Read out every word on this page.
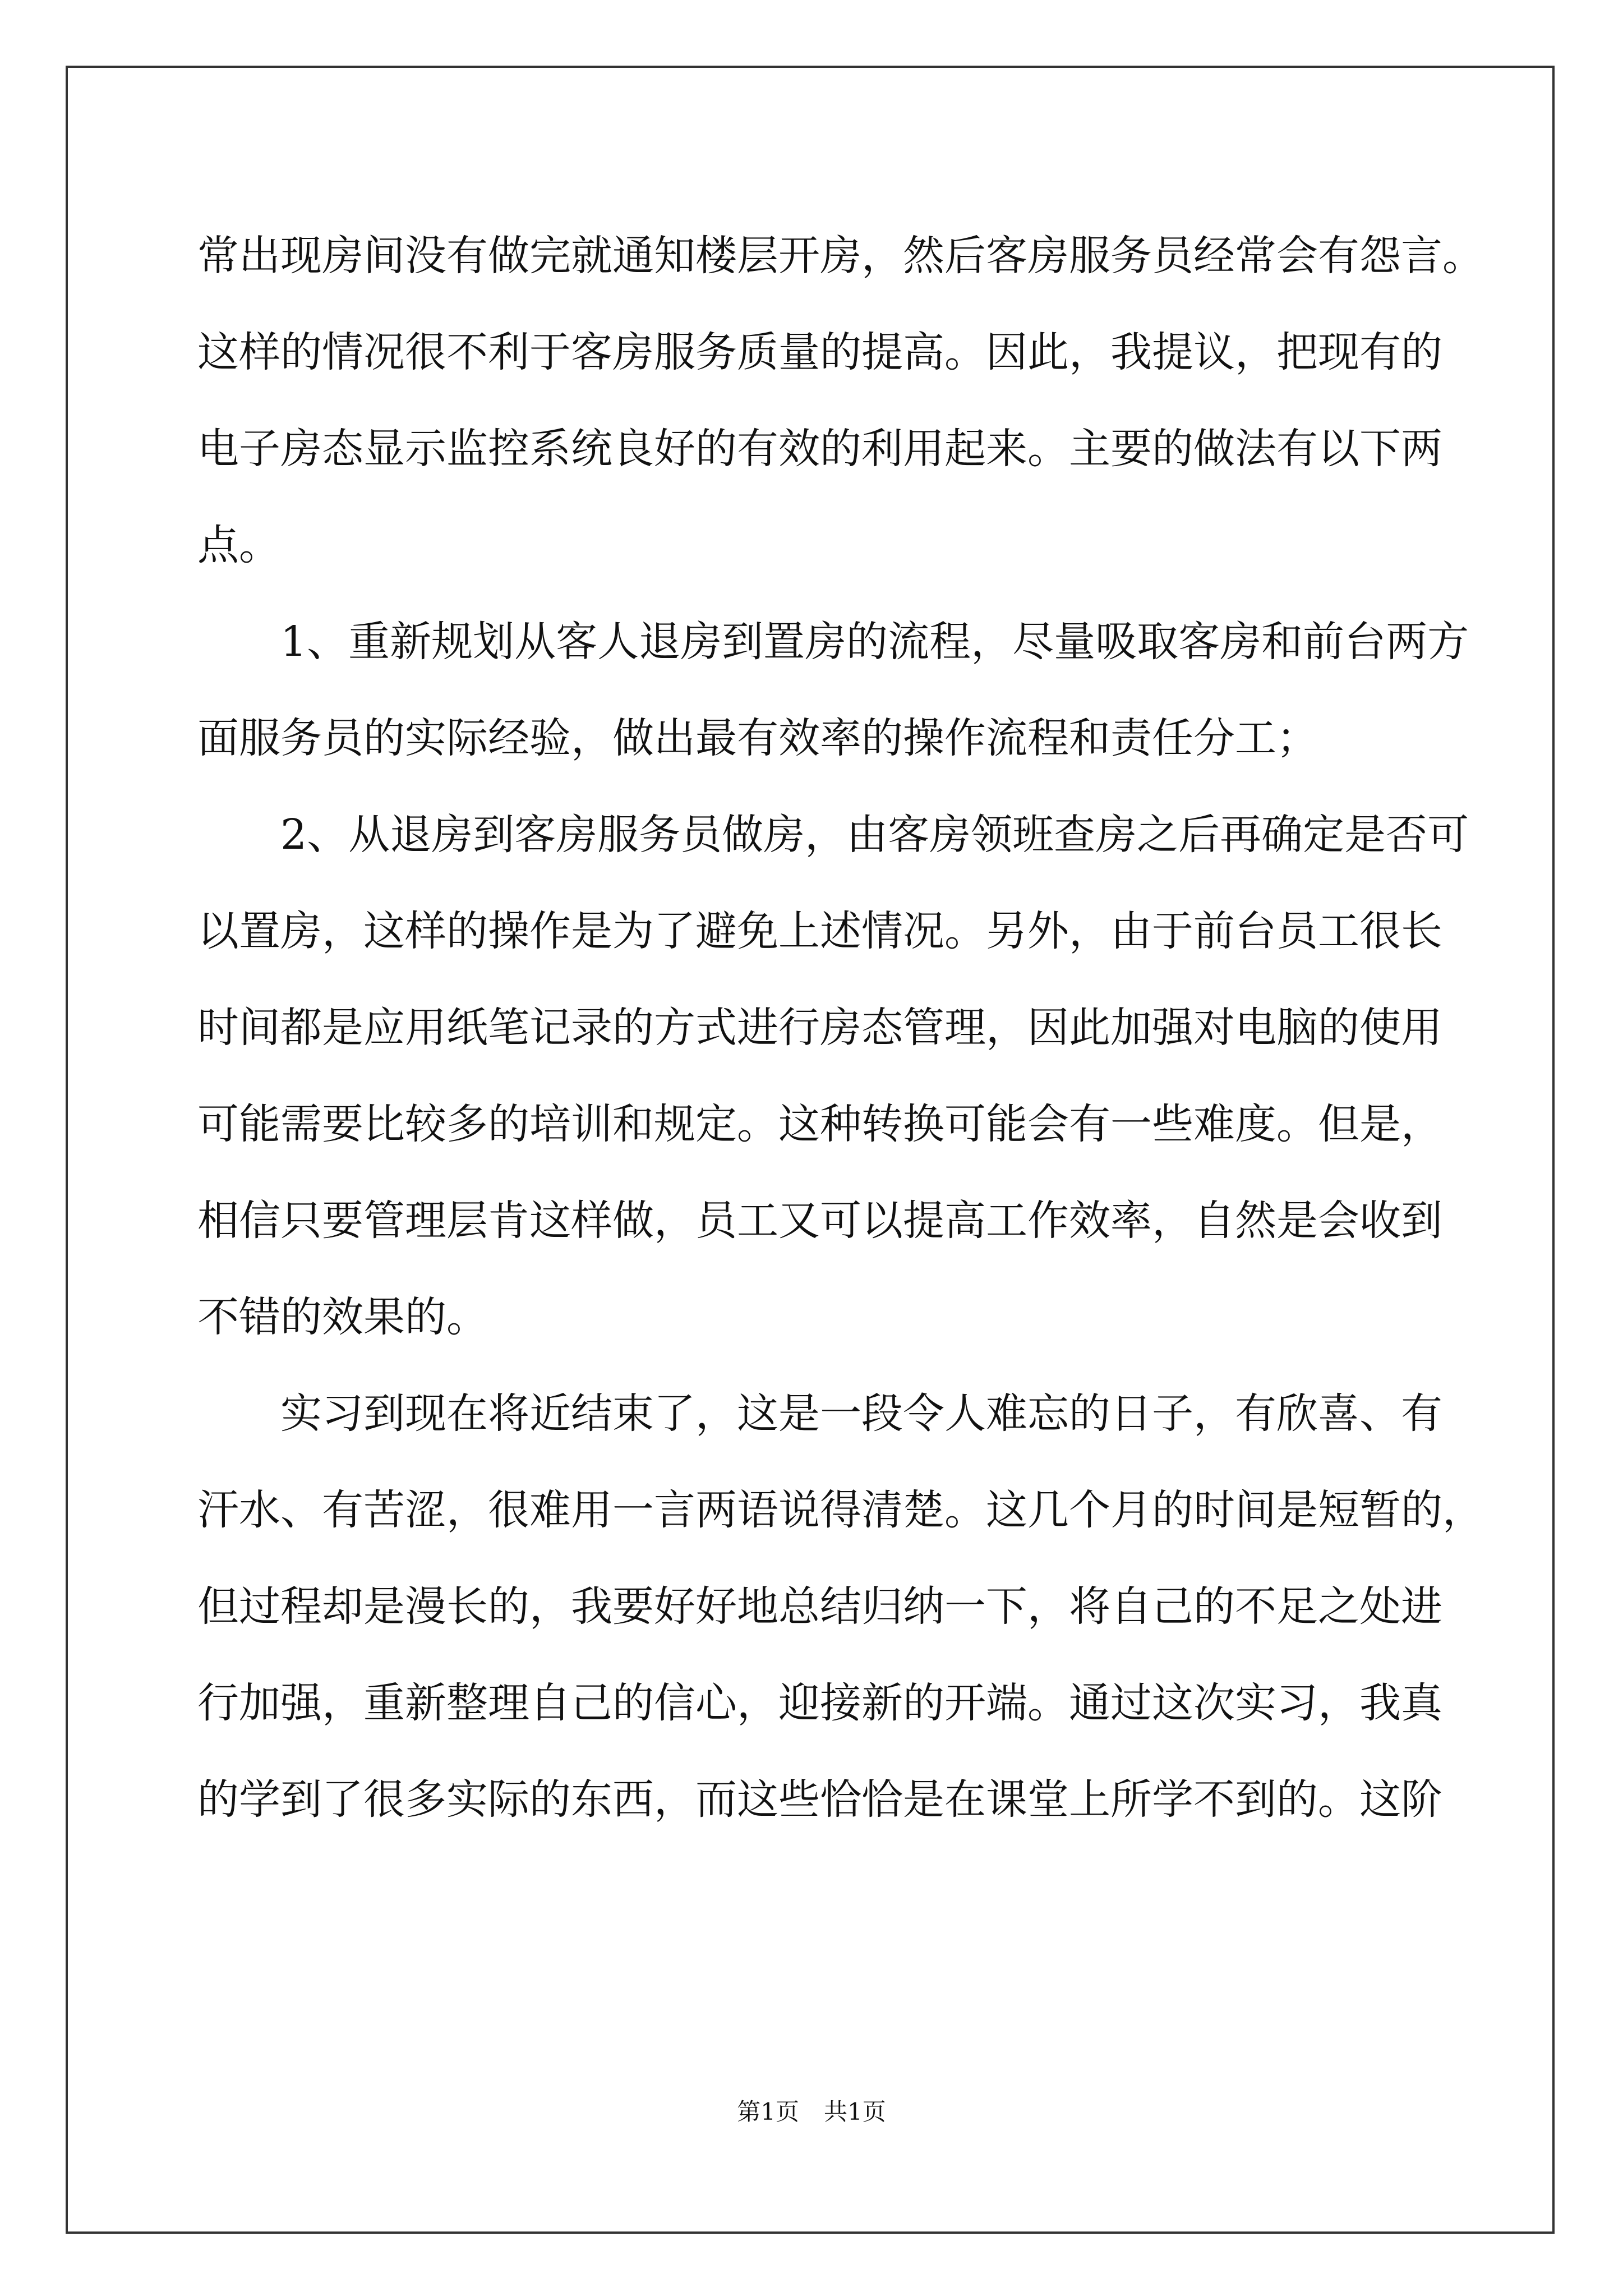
常出现房间没有做完就通知楼层开房，然后客房服务员经常会有怨言。
这样的情况很不利于客房服务质量的提高。因此，我提议，把现有的
电子房态显示监控系统良好的有效的利用起来。主要的做法有以下两
点。
　　1、重新规划从客人退房到置房的流程，尽量吸取客房和前台两方
面服务员的实际经验，做出最有效率的操作流程和责任分工；
　　2、从退房到客房服务员做房，由客房领班查房之后再确定是否可
以置房，这样的操作是为了避免上述情况。另外，由于前台员工很长
时间都是应用纸笔记录的方式进行房态管理，因此加强对电脑的使用
可能需要比较多的培训和规定。这种转换可能会有一些难度。但是，
相信只要管理层肯这样做，员工又可以提高工作效率，自然是会收到
不错的效果的。
　　实习到现在将近结束了，这是一段令人难忘的日子，有欣喜、有
汗水、有苦涩，很难用一言两语说得清楚。这几个月的时间是短暂的，
但过程却是漫长的，我要好好地总结归纳一下，将自己的不足之处进
行加强，重新整理自己的信心，迎接新的开端。通过这次实习，我真
的学到了很多实际的东西，而这些恰恰是在课堂上所学不到的。这阶
第1页 共1页
